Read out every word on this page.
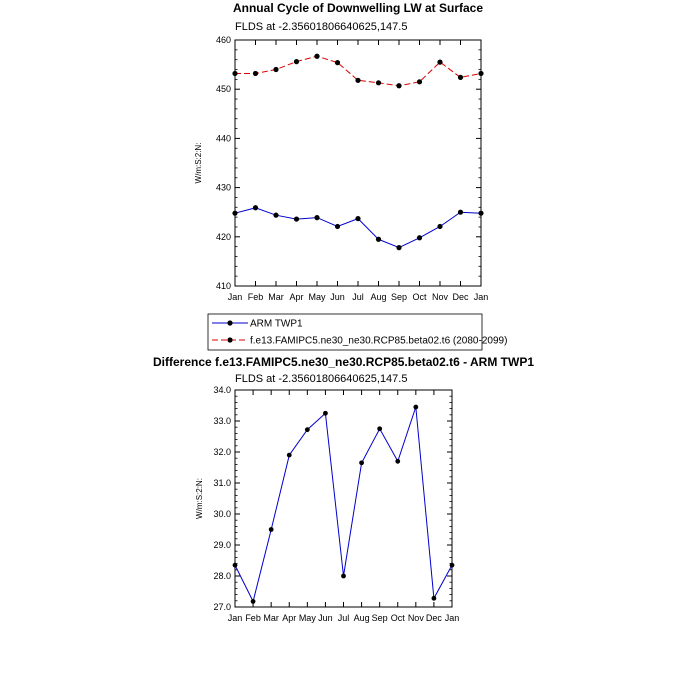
Annual Cycle of Downwelling LW at Surface
FLDS at -2.35601806640625,147.5
W/m:S:2:N:
410
420
430
440
450
460
Jan Feb Mar Apr May Jun Jul Aug Sep Oct Nov Dec Jan
ARM TWP1
f.e13.FAMIPC5.ne30_ne30.RCP85.beta02.t6 (2080-2099)
Difference f.e13.FAMIPC5.ne30_ne30.RCP85.beta02.t6 - ARM TWP1
FLDS at -2.35601806640625,147.5
W/m:S:2:N:
27.0
28.0
29.0
30.0
31.0
32.0
33.0
34.0
Jan Feb Mar Apr May Jun Jul Aug Sep Oct Nov Dec Jan
